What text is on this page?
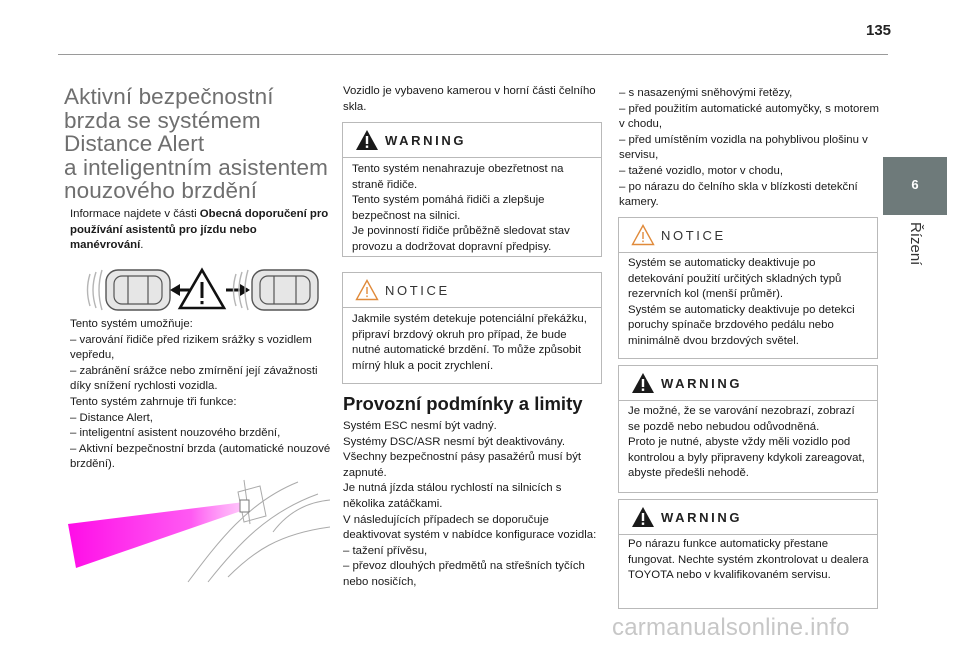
135
6
Řízení
Aktivní bezpečnostní
brzda se systémem
Distance Alert
a inteligentním asistentem
nouzového brzdění

Informace najdete v části Obecná doporučení pro používání asistentů pro jízdu nebo manévrování.

Tento systém umožňuje:
– varování řidiče před rizikem srážky s vozidlem vepředu,
– zabránění srážce nebo zmírnění její závažnosti díky snížení rychlosti vozidla.
Tento systém zahrnuje tři funkce:
– Distance Alert,
– inteligentní asistent nouzového brzdění,
– Aktivní bezpečnostní brzda (automatické nouzové brzdění).

Vozidlo je vybaveno kamerou v horní části čelního skla.

WARNING
Tento systém nenahrazuje obezřetnost na straně řidiče.
Tento systém pomáhá řidiči a zlepšuje bezpečnost na silnici.
Je povinností řidiče průběžně sledovat stav provozu a dodržovat dopravní předpisy.
NOTICE
Jakmile systém detekuje potenciální překážku, připraví brzdový okruh pro případ, že bude nutné automatické brzdění. To může způsobit mírný hluk a pocit zrychlení.
Provozní podmínky a limity

Systém ESC nesmí být vadný.
Systémy DSC/ASR nesmí být deaktivovány.
Všechny bezpečnostní pásy pasažérů musí být zapnuté.
Je nutná jízda stálou rychlostí na silnicích s několika zatáčkami.
V následujících případech se doporučuje deaktivovat systém v nabídce konfigurace vozidla:
– tažení přívěsu,
– převoz dlouhých předmětů na střešních tyčích nebo nosičích,

– s nasazenými sněhovými řetězy,
– před použitím automatické automyčky, s motorem v chodu,
– před umístěním vozidla na pohyblivou plošinu v servisu,
– tažené vozidlo, motor v chodu,
– po nárazu do čelního skla v blízkosti detekční kamery.

NOTICE
Systém se automaticky deaktivuje po detekování použití určitých skladných typů rezervních kol (menší průměr).
Systém se automaticky deaktivuje po detekci poruchy spínače brzdového pedálu nebo minimálně dvou brzdových světel.
WARNING
Je možné, že se varování nezobrazí, zobrazí se pozdě nebo nebudou odůvodněná.
Proto je nutné, abyste vždy měli vozidlo pod kontrolou a byly připraveny kdykoli zareagovat, abyste předešli nehodě.
WARNING
Po nárazu funkce automaticky přestane fungovat. Nechte systém zkontrolovat u dealera TOYOTA nebo v kvalifikovaném servisu.
carmanualsonline.info
